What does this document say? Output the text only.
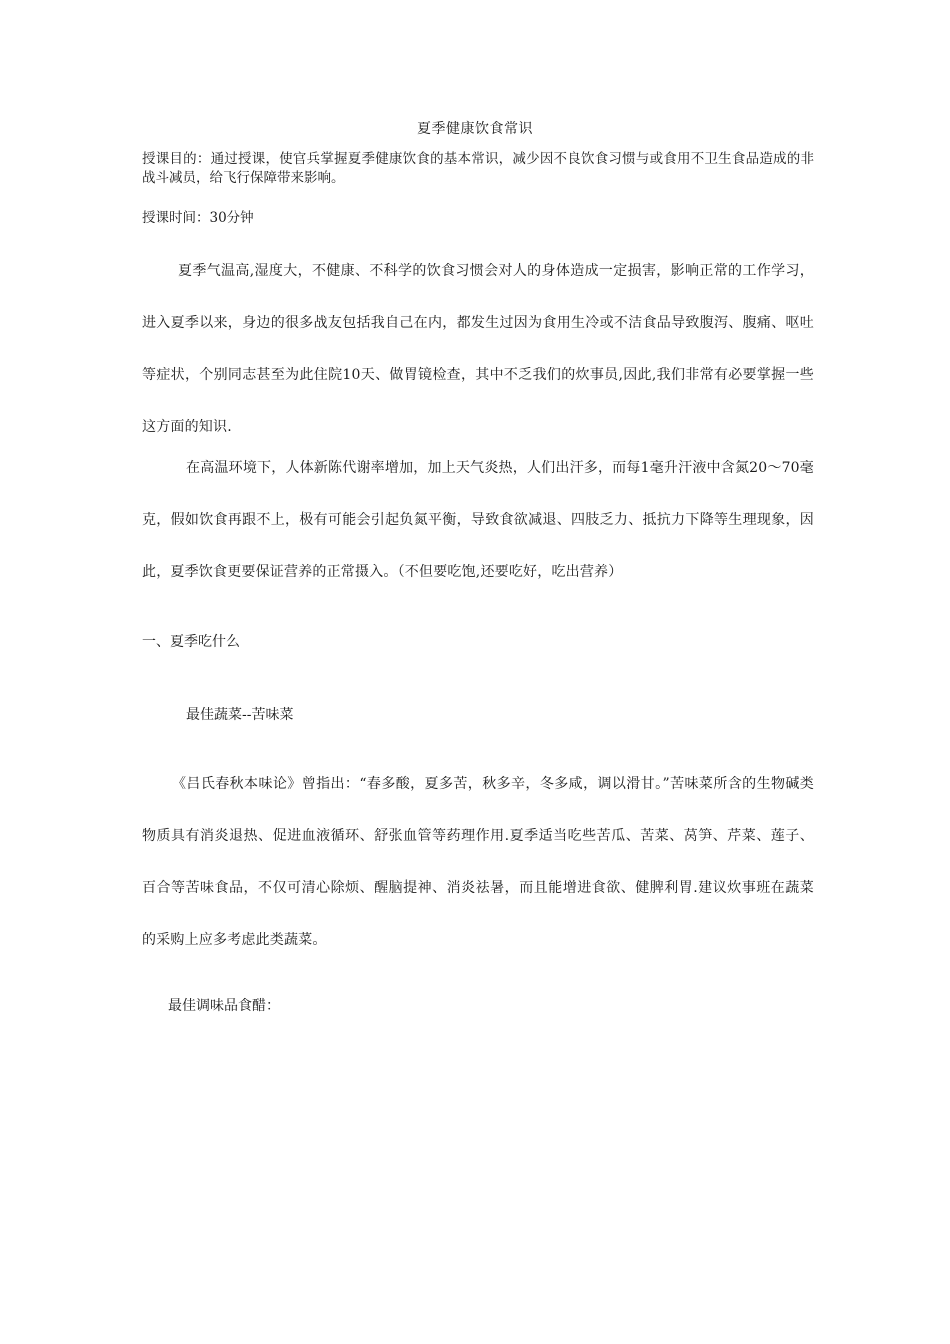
夏季健康饮食常识
授课目的：通过授课，使官兵掌握夏季健康饮食的基本常识，减少因不良饮食习惯与或食用不卫生食品造成的非战斗减员，给飞行保障带来影响。
授课时间：30分钟
夏季气温高,湿度大，不健康、不科学的饮食习惯会对人的身体造成一定损害，影响正常的工作学习，进入夏季以来，身边的很多战友包括我自己在内，都发生过因为食用生冷或不洁食品导致腹泻、腹痛、呕吐等症状，个别同志甚至为此住院10天、做胃镜检查，其中不乏我们的炊事员,因此,我们非常有必要掌握一些这方面的知识.
在高温环境下，人体新陈代谢率增加，加上天气炎热，人们出汗多，而每1毫升汗液中含氮20〜70毫克，假如饮食再跟不上，极有可能会引起负氮平衡，导致食欲减退、四肢乏力、抵抗力下降等生理现象，因此，夏季饮食更要保证营养的正常摄入。（不但要吃饱,还要吃好，吃出营养）
一、夏季吃什么
最佳蔬菜--苦味菜
《吕氏春秋本味论》曾指出：“春多酸，夏多苦，秋多辛，冬多咸，调以滑甘。”苦味菜所含的生物碱类物质具有消炎退热、促进血液循环、舒张血管等药理作用.夏季适当吃些苦瓜、苦菜、莴笋、芹菜、莲子、百合等苦味食品，不仅可清心除烦、醒脑提神、消炎祛暑，而且能增进食欲、健脾利胃.建议炊事班在蔬菜的采购上应多考虑此类蔬菜。
最佳调味品食醋：
